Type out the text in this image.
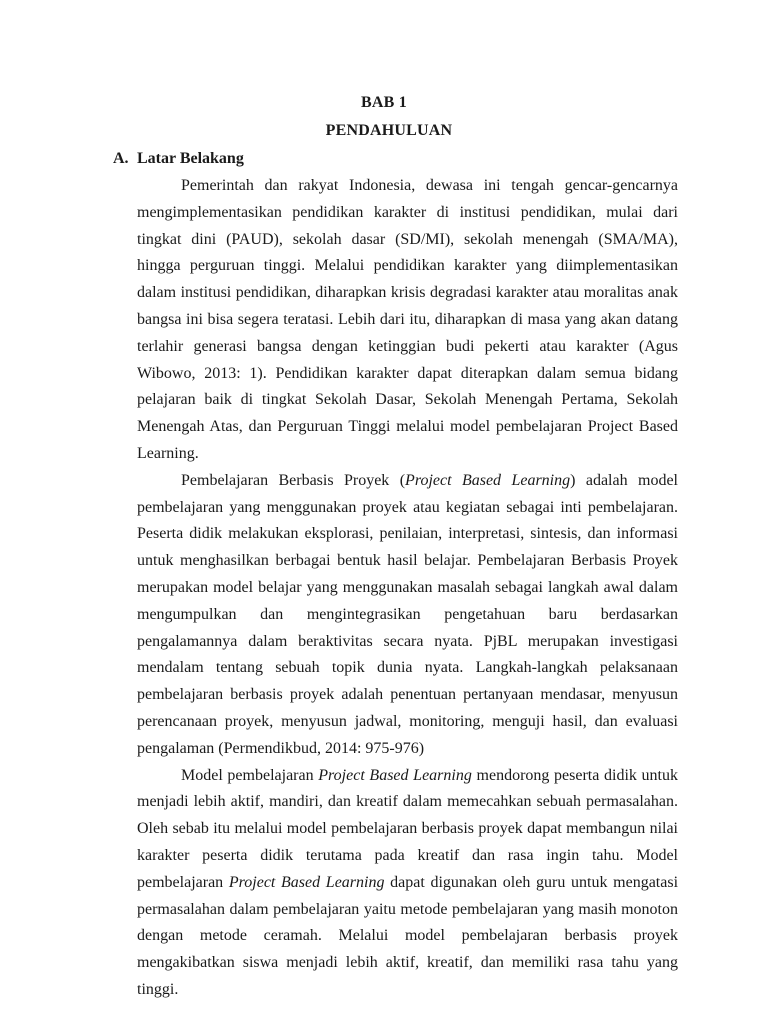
BAB 1
PENDAHULUAN
A. Latar Belakang

Pemerintah dan rakyat Indonesia, dewasa ini tengah gencar-gencarnya mengimplementasikan pendidikan karakter di institusi pendidikan, mulai dari tingkat dini (PAUD), sekolah dasar (SD/MI), sekolah menengah (SMA/MA), hingga perguruan tinggi. Melalui pendidikan karakter yang diimplementasikan dalam institusi pendidikan, diharapkan krisis degradasi karakter atau moralitas anak bangsa ini bisa segera teratasi. Lebih dari itu, diharapkan di masa yang akan datang terlahir generasi bangsa dengan ketinggian budi pekerti atau karakter (Agus Wibowo, 2013: 1). Pendidikan karakter dapat diterapkan dalam semua bidang pelajaran baik di tingkat Sekolah Dasar, Sekolah Menengah Pertama, Sekolah Menengah Atas, dan Perguruan Tinggi melalui model pembelajaran Project Based Learning.

Pembelajaran Berbasis Proyek (Project Based Learning) adalah model pembelajaran yang menggunakan proyek atau kegiatan sebagai inti pembelajaran. Peserta didik melakukan eksplorasi, penilaian, interpretasi, sintesis, dan informasi untuk menghasilkan berbagai bentuk hasil belajar. Pembelajaran Berbasis Proyek merupakan model belajar yang menggunakan masalah sebagai langkah awal dalam mengumpulkan dan mengintegrasikan pengetahuan baru berdasarkan pengalamannya dalam beraktivitas secara nyata. PjBL merupakan investigasi mendalam tentang sebuah topik dunia nyata. Langkah-langkah pelaksanaan pembelajaran berbasis proyek adalah penentuan pertanyaan mendasar, menyusun perencanaan proyek, menyusun jadwal, monitoring, menguji hasil, dan evaluasi pengalaman (Permendikbud, 2014: 975-976)

Model pembelajaran Project Based Learning mendorong peserta didik untuk menjadi lebih aktif, mandiri, dan kreatif dalam memecahkan sebuah permasalahan. Oleh sebab itu melalui model pembelajaran berbasis proyek dapat membangun nilai karakter peserta didik terutama pada kreatif dan rasa ingin tahu. Model pembelajaran Project Based Learning dapat digunakan oleh guru untuk mengatasi permasalahan dalam pembelajaran yaitu metode pembelajaran yang masih monoton dengan metode ceramah. Melalui model pembelajaran berbasis proyek mengakibatkan siswa menjadi lebih aktif, kreatif, dan memiliki rasa tahu yang tinggi.
